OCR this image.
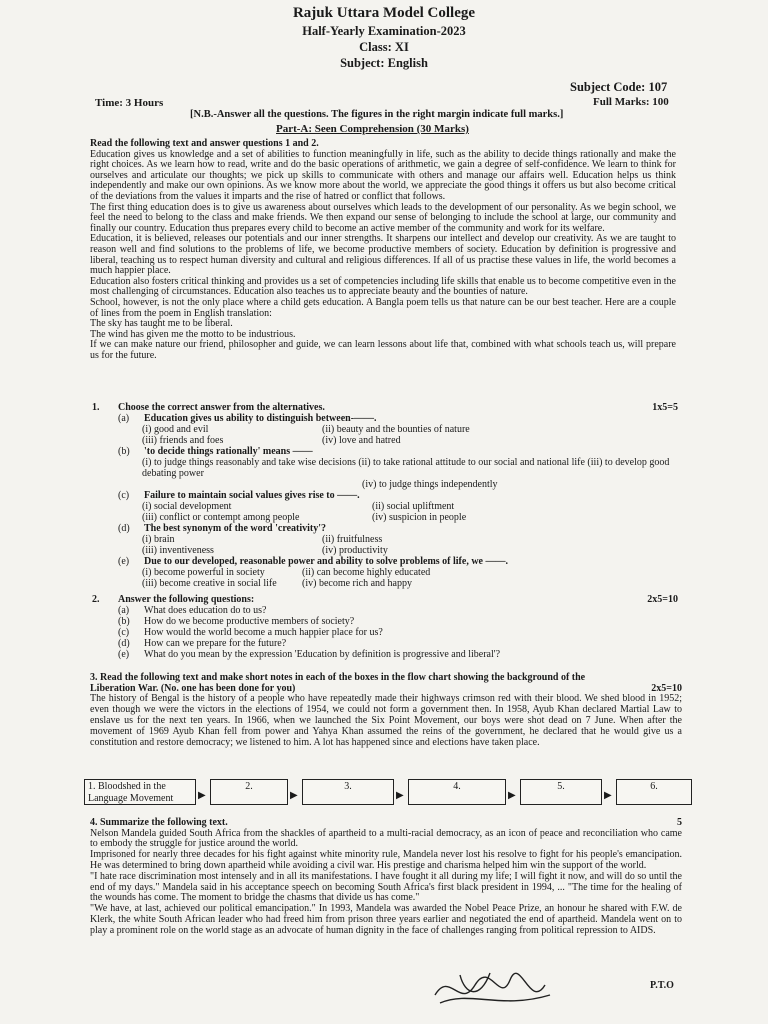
Rajuk Uttara Model College
Half-Yearly Examination-2023
Class: XI
Subject: English
Subject Code: 107
Full Marks: 100
Time: 3 Hours
[N.B.-Answer all the questions. The figures in the right margin indicate full marks.]
Part-A: Seen Comprehension (30 Marks)

Read the following text and answer questions 1 and 2.

Education gives us knowledge and a set of abilities to function meaningfully in life, such as the ability to decide things rationally and make the right choices. As we learn how to read, write and do the basic operations of arithmetic, we gain a degree of self-confidence. We learn to think for ourselves and articulate our thoughts; we pick up skills to communicate with others and manage our affairs well. Education helps us think independently and make our own opinions. As we know more about the world, we appreciate the good things it offers us but also become critical of the deviations from the values it imparts and the rise of hatred or conflict that follows.

The first thing education does is to give us awareness about ourselves which leads to the development of our personality. As we begin school, we feel the need to belong to the class and make friends. We then expand our sense of belonging to include the school at large, our community and finally our country. Education thus prepares every child to become an active member of the community and work for its welfare.

Education, it is believed, releases our potentials and our inner strengths. It sharpens our intellect and develop our creativity. As we are taught to reason well and find solutions to the problems of life, we become productive members of society. Education by definition is progressive and liberal, teaching us to respect human diversity and cultural and religious differences. If all of us practise these values in life, the world becomes a much happier place.

Education also fosters critical thinking and provides us a set of competencies including life skills that enable us to become competitive even in the most challenging of circumstances. Education also teaches us to appreciate beauty and the bounties of nature.

School, however, is not the only place where a child gets education. A Bangla poem tells us that nature can be our best teacher. Here are a couple of lines from the poem in English translation:

The sky has taught me to be liberal.

The wind has given me the motto to be industrious.

If we can make nature our friend, philosopher and guide, we can learn lessons about life that, combined with what schools teach us, will prepare us for the future.

1.	Choose the correct answer from the alternatives.	1x5=5
(a)	Education gives us ability to distinguish between-——.
(i) good and evil	(ii) beauty and the bounties of nature
(iii) friends and foes	(iv) love and hatred
(b)	'to decide things rationally' means ——
(i) to judge things reasonably and take wise decisions (ii) to take rational attitude to our social and national life (iii) to develop good debating power
(iv) to judge things independently
(c)	Failure to maintain social values gives rise to ——.
(i) social development	(ii) social upliftment
(iii) conflict or contempt among people	(iv) suspicion in people
(d)	The best synonym of the word 'creativity'?
(i) brain	(ii) fruitfulness
(iii) inventiveness	(iv) productivity
(e)	Due to our developed, reasonable power and ability to solve problems of life, we ——.
(i) become powerful in society	(ii) can become highly educated
(iii) become creative in social life	(iv) become rich and happy
2.	Answer the following questions:	2x5=10
(a)	What does education do to us?
(b)	How do we become productive members of society?
(c)	How would the world become a much happier place for us?
(d)	How can we prepare for the future?
(e)	What do you mean by the expression 'Education by definition is progressive and liberal'?
3. Read the following text and make short notes in each of the boxes in the flow chart showing the background of the Liberation War. (No. one has been done for you)	2x5=10
The history of Bengal is the history of a people who have repeatedly made their highways crimson red with their blood. We shed blood in 1952; even though we were the victors in the elections of 1954, we could not form a government then. In 1958, Ayub Khan declared Martial Law to enslave us for the next ten years. In 1966, when we launched the Six Point Movement, our boys were shot dead on 7 June. When after the movement of 1969 Ayub Khan fell from power and Yahya Khan assumed the reins of the government, he declared that he would give us a constitution and restore democracy; we listened to him. A lot has happened since and elections have taken place.
1. Bloodshed in the Language Movement	▶
2.
▶
3.
▶
4.
▶
5.
▶
6.
4. Summarize the following text.	5
Nelson Mandela guided South Africa from the shackles of apartheid to a multi-racial democracy, as an icon of peace and reconciliation who came to embody the struggle for justice around the world.
Imprisoned for nearly three decades for his fight against white minority rule, Mandela never lost his resolve to fight for his people's emancipation. He was determined to bring down apartheid while avoiding a civil war. His prestige and charisma helped him win the support of the world.
"I hate race discrimination most intensely and in all its manifestations. I have fought it all during my life; I will fight it now, and will do so until the end of my days." Mandela said in his acceptance speech on becoming South Africa's first black president in 1994, ... "The time for the healing of the wounds has come. The moment to bridge the chasms that divide us has come."
"We have, at last, achieved our political emancipation." In 1993, Mandela was awarded the Nobel Peace Prize, an honour he shared with F.W. de Klerk, the white South African leader who had freed him from prison three years earlier and negotiated the end of apartheid. Mandela went on to play a prominent role on the world stage as an advocate of human dignity in the face of challenges ranging from political repression to AIDS.
P.T.O
